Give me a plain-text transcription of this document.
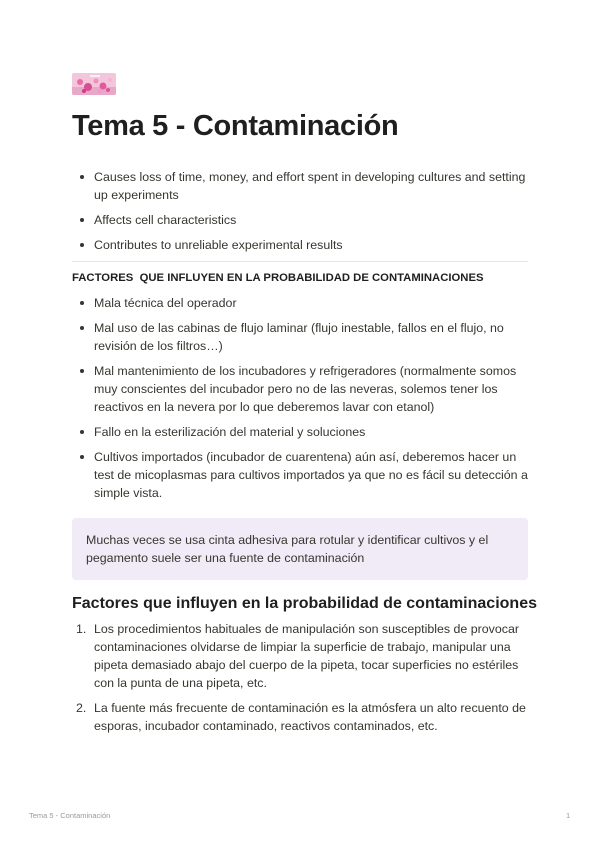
Tema 5 - Contaminación
Causes loss of time, money, and effort spent in developing cultures and setting up experiments
Affects cell characteristics
Contributes to unreliable experimental results
FACTORES  QUE INFLUYEN EN LA PROBABILIDAD DE CONTAMINACIONES
Mala técnica del operador
Mal uso de las cabinas de flujo laminar (flujo inestable, fallos en el flujo, no revisión de los filtros…)
Mal mantenimiento de los incubadores y refrigeradores (normalmente somos muy conscientes del incubador pero no de las neveras, solemos tener los reactivos en la nevera por lo que deberemos lavar con etanol)
Fallo en la esterilización del material y soluciones
Cultivos importados (incubador de cuarentena) aún así, deberemos hacer un test de micoplasmas para cultivos importados ya que no es fácil su detección a simple vista.
Muchas veces se usa cinta adhesiva para rotular y identificar cultivos y el pegamento suele ser una fuente de contaminación
Factores que influyen en la probabilidad de contaminaciones
1. Los procedimientos habituales de manipulación son susceptibles de provocar contaminaciones olvidarse de limpiar la superficie de trabajo, manipular una pipeta demasiado abajo del cuerpo de la pipeta, tocar superficies no estériles con la punta de una pipeta, etc.
2. La fuente más frecuente de contaminación es la atmósfera un alto recuento de esporas, incubador contaminado, reactivos contaminados, etc.
Tema 5 - Contaminación	1
